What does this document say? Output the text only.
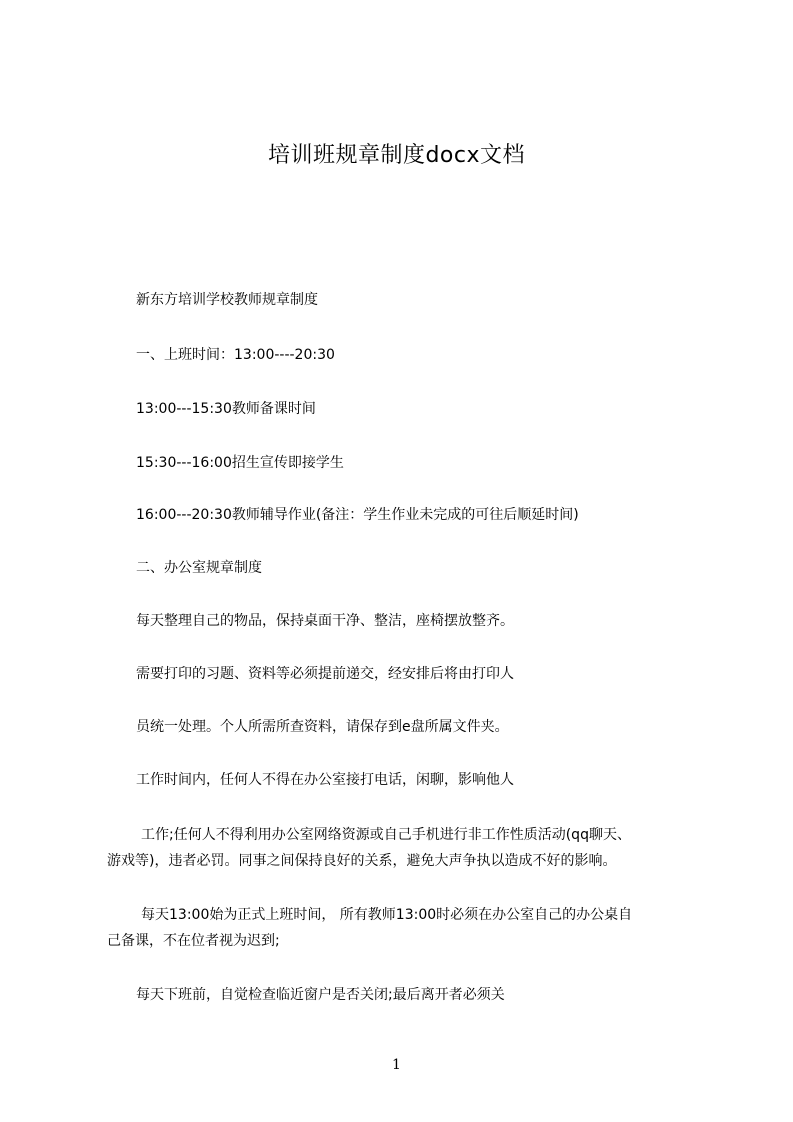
培训班规章制度docx文档
新东方培训学校教师规章制度
一、上班时间：13:00----20:30
13:00---15:30教师备课时间
15:30---16:00招生宣传即接学生
16:00---20:30教师辅导作业(备注：学生作业未完成的可往后顺延时间)
二、办公室规章制度
每天整理自己的物品，保持桌面干净、整洁，座椅摆放整齐。
需要打印的习题、资料等必须提前递交，经安排后将由打印人
员统一处理。个人所需所查资料，请保存到e盘所属文件夹。
工作时间内，任何人不得在办公室接打电话，闲聊，影响他人
工作;任何人不得利用办公室网络资源或自己手机进行非工作性质活动(qq聊天、
游戏等)，违者必罚。同事之间保持良好的关系，避免大声争执以造成不好的影响。
每天13:00始为正式上班时间， 所有教师13:00时必须在办公室自己的办公桌自
己备课，不在位者视为迟到;
每天下班前，自觉检查临近窗户是否关闭;最后离开者必须关
1
